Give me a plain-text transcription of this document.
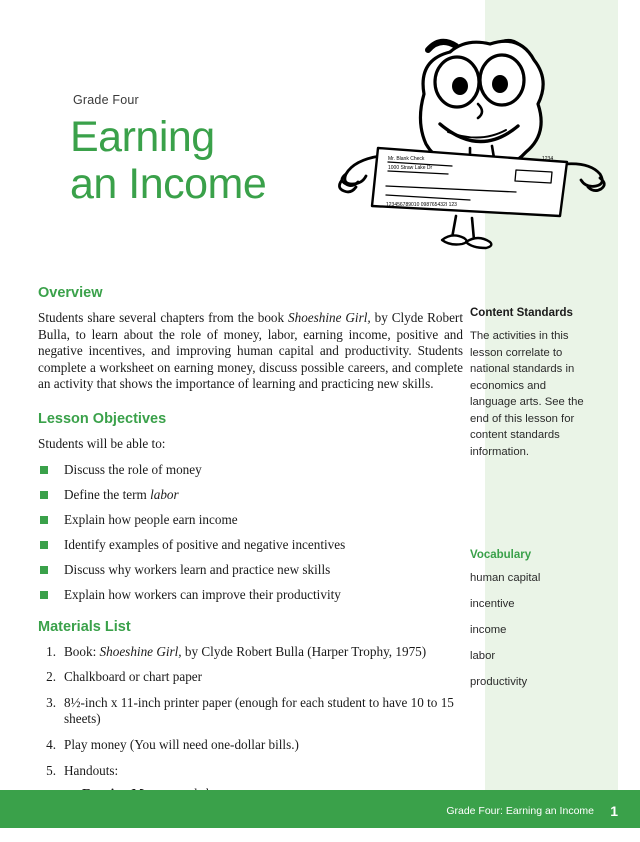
Grade Four
Earning
an Income
Mr. Blank Check
1000 Straw Lake Dr
1234
123456789010 098765432I 123
Overview

Students share several chapters from the book Shoeshine Girl, by Clyde Robert Bulla, to learn about the role of money, labor, earning income, positive and negative incentives, and improving human capital and productivity. Students complete a worksheet on earning money, discuss possible careers, and complete an activity that shows the importance of learning and practicing new skills.

Lesson Objectives

Students will be able to:

Discuss the role of money
Define the term labor
Explain how people earn income
Identify examples of positive and negative incentives
Discuss why workers learn and practice new skills
Explain how workers can improve their productivity
Materials List
1. Book: Shoeshine Girl, by Clyde Robert Bulla (Harper Trophy, 1975)
2. Chalkboard or chart paper
3. 8½-inch x 11-inch printer paper (enough for each student to have 10 to 15 sheets)
4. Play money (You will need one-dollar bills.)
5. Handouts:
Content Standards

The activities in this lesson correlate to national standards in economics and language arts. See the end of this lesson for content standards information.

Vocabulary
human capital
incentive
income
labor
productivity
Grade Four: Earning an Income 1
